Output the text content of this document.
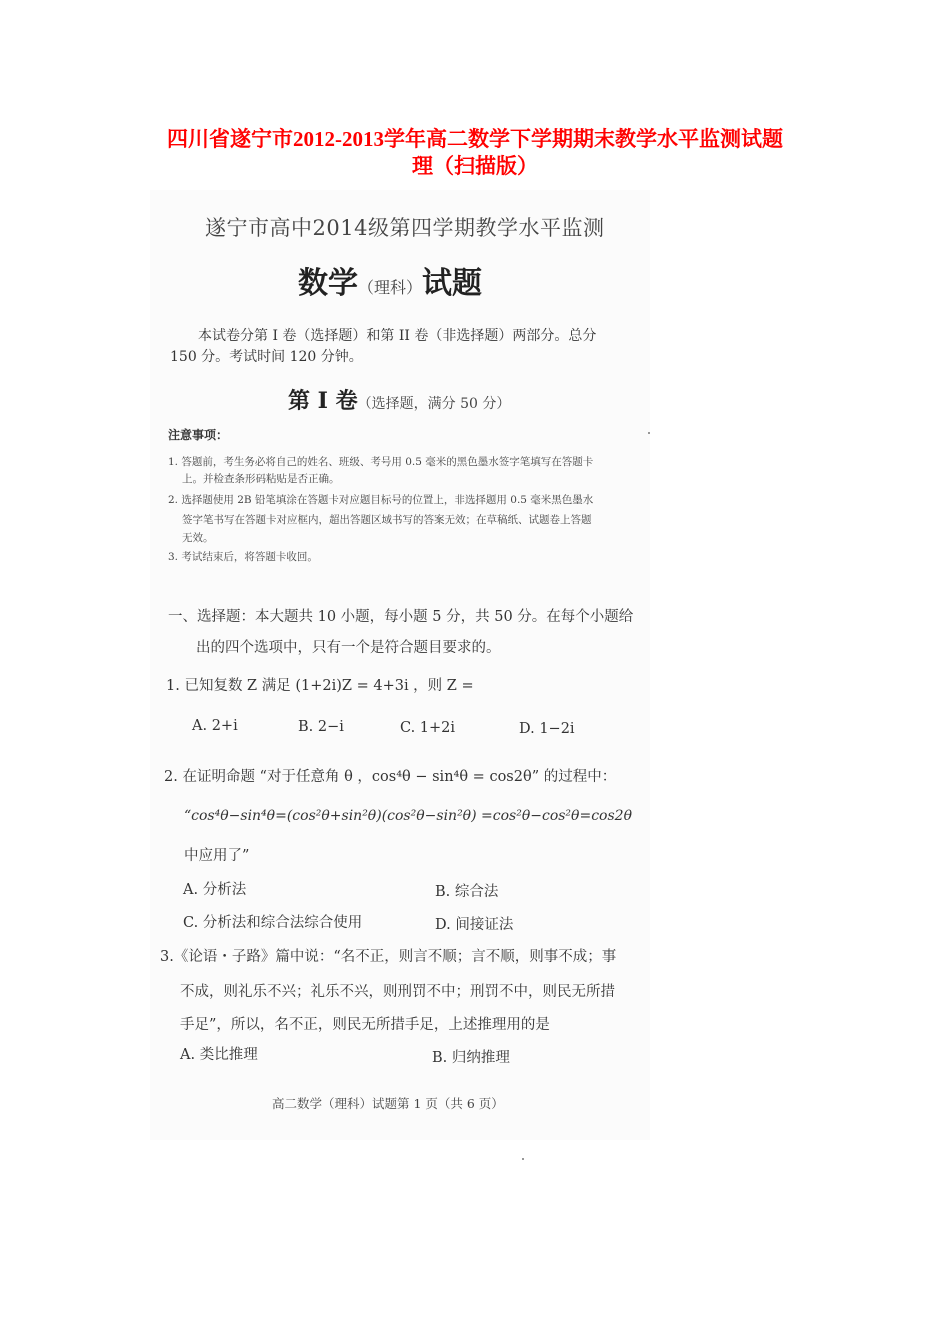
四川省遂宁市2012-2013学年高二数学下学期期末教学水平监测试题
理（扫描版）
遂宁市高中2014级第四学期教学水平监测
数学（理科）试题
本试卷分第 I 卷（选择题）和第 II 卷（非选择题）两部分。总分
150 分。考试时间 120 分钟。
第 I 卷（选择题，满分 50 分）
注意事项：
1. 答题前，考生务必将自己的姓名、班级、考号用 0.5 毫米的黑色墨水签字笔填写在答题卡
上。并检查条形码粘贴是否正确。
2. 选择题使用 2B 铅笔填涂在答题卡对应题目标号的位置上，非选择题用 0.5 毫米黑色墨水
签字笔书写在答题卡对应框内，超出答题区域书写的答案无效；在草稿纸、试题卷上答题
无效。
3. 考试结束后，将答题卡收回。
一、选择题：本大题共 10 小题，每小题 5 分，共 50 分。在每个小题给
出的四个选项中，只有一个是符合题目要求的。
1. 已知复数 Z 满足 (1+2i)Z = 4+3i ，则 Z =
A. 2+i	B. 2−i	C. 1+2i	D. 1−2i
2. 在证明命题 “对于任意角 θ ，cos⁴θ − sin⁴θ = cos2θ” 的过程中：
“cos⁴θ−sin⁴θ=(cos²θ+sin²θ)(cos²θ−sin²θ) =cos²θ−cos²θ=cos2θ
中应用了”
A. 分析法	B. 综合法
C. 分析法和综合法综合使用	D. 间接证法
3.《论语・子路》篇中说：“名不正，则言不顺；言不顺，则事不成；事
不成，则礼乐不兴；礼乐不兴，则刑罚不中；刑罚不中，则民无所措
手足”，所以，名不正，则民无所措手足，上述推理用的是
A. 类比推理	B. 归纳推理
高二数学（理科）试题第 1 页（共 6 页）
